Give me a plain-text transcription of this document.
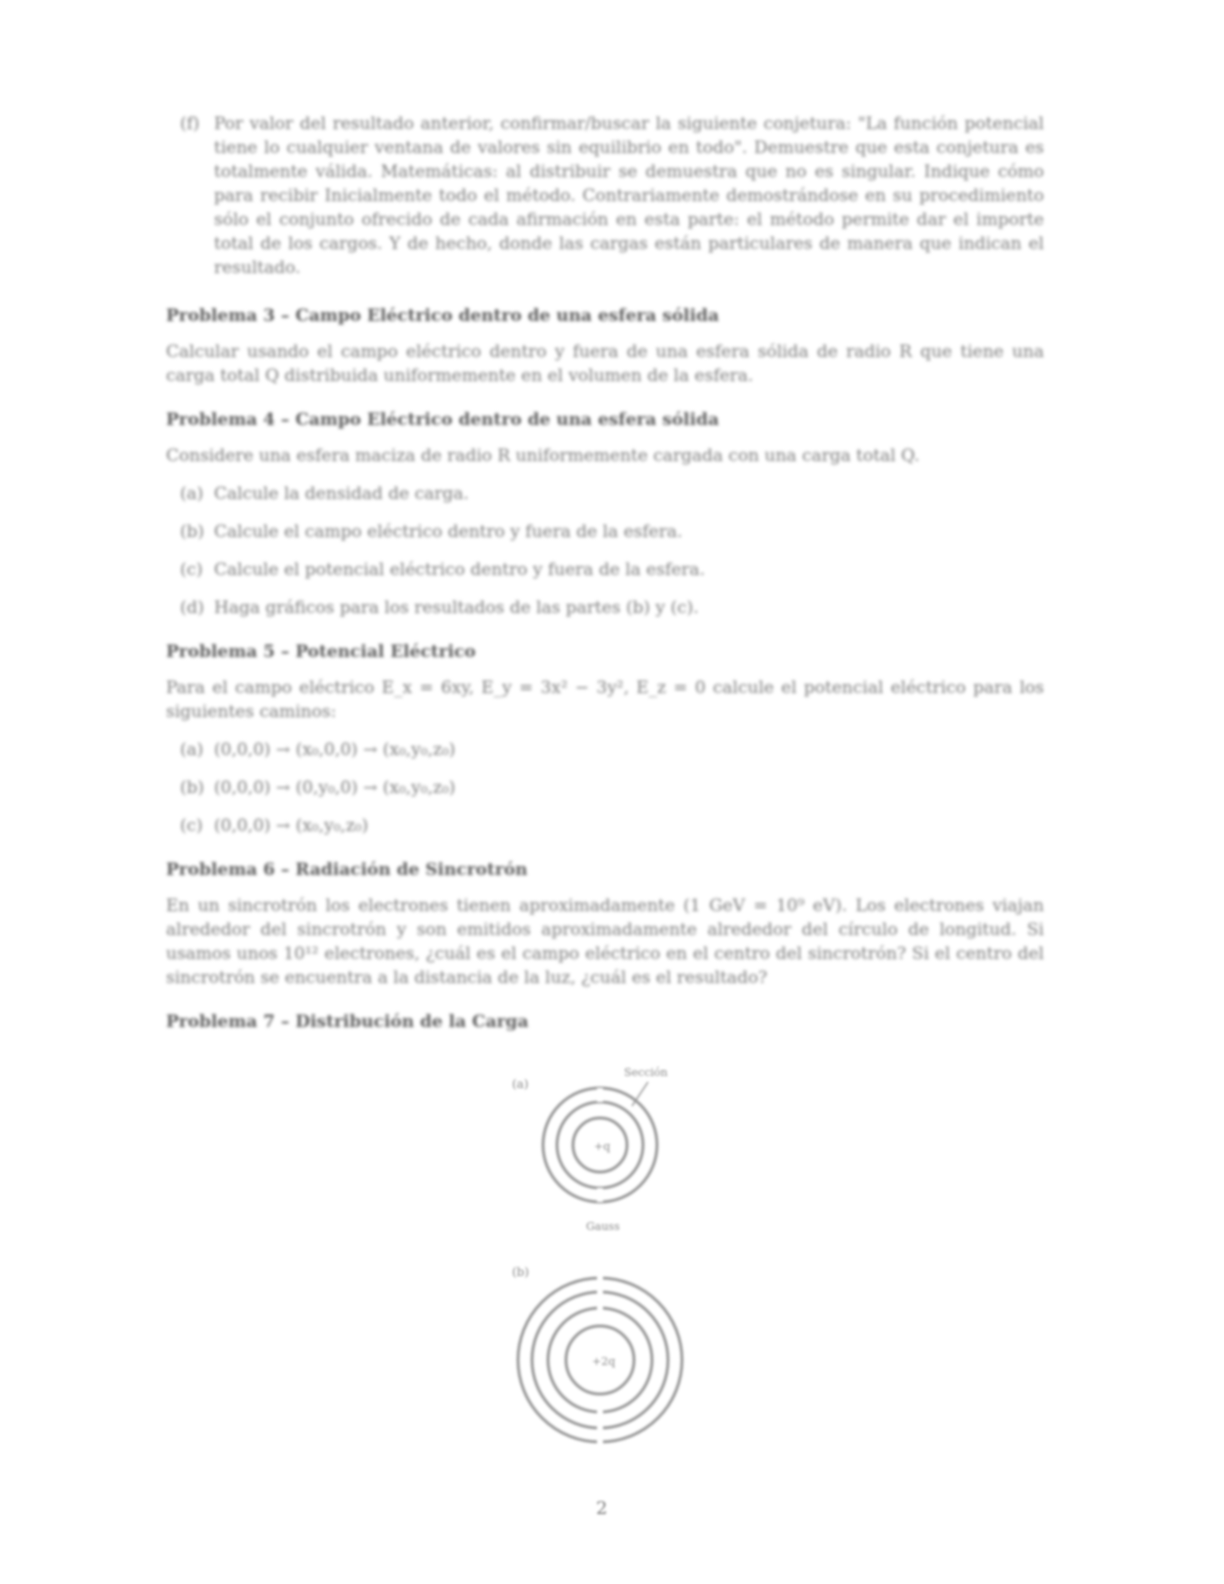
(f) Por valor del resultado anterior, confirmar/buscar la siguiente conjetura: "La función potencial tiene lo cualquier ventana de valores sin equilibrio en todo". Demuestre que esta conjetura es totalmente válida. Matemáticas: al distribuir se demuestra que no es singular. Indique cómo para recibir Inicialmente todo el método. Contrariamente demostrándose en su procedimiento sólo el conjunto ofrecido de cada afirmación en esta parte: el método permite dar el importe total de los cargos. Y de hecho, donde las cargas están particulares de manera que indican el resultado.
Problema 3 – Campo Eléctrico dentro de una esfera sólida

Calcular usando el campo eléctrico dentro y fuera de una esfera sólida de radio R que tiene una carga total Q distribuida uniformemente en el volumen de la esfera.

Problema 4 – Campo Eléctrico dentro de una esfera sólida

Considere una esfera maciza de radio R uniformemente cargada con una carga total Q.

(a) Calcule la densidad de carga.
(b) Calcule el campo eléctrico dentro y fuera de la esfera.
(c) Calcule el potencial eléctrico dentro y fuera de la esfera.
(d) Haga gráficos para los resultados de las partes (b) y (c).
Problema 5 – Potencial Eléctrico

Para el campo eléctrico E_x = 6xy, E_y = 3x² − 3y², E_z = 0 calcule el potencial eléctrico para los siguientes caminos:

(a) (0,0,0) → (x₀,0,0) → (x₀,y₀,z₀)
(b) (0,0,0) → (0,y₀,0) → (x₀,y₀,z₀)
(c) (0,0,0) → (x₀,y₀,z₀)
Problema 6 – Radiación de Sincrotrón

En un sincrotrón los electrones tienen aproximadamente (1 GeV = 10⁹ eV). Los electrones viajan alrededor del sincrotrón y son emitidos aproximadamente alrededor del círculo de longitud. Si usamos unos 10¹² electrones, ¿cuál es el campo eléctrico en el centro del sincrotrón? Si el centro del sincrotrón se encuentra a la distancia de la luz, ¿cuál es el resultado?

Problema 7 – Distribución de la Carga
(a)
Sección
+q
Gauss
(b)
+2q
2
